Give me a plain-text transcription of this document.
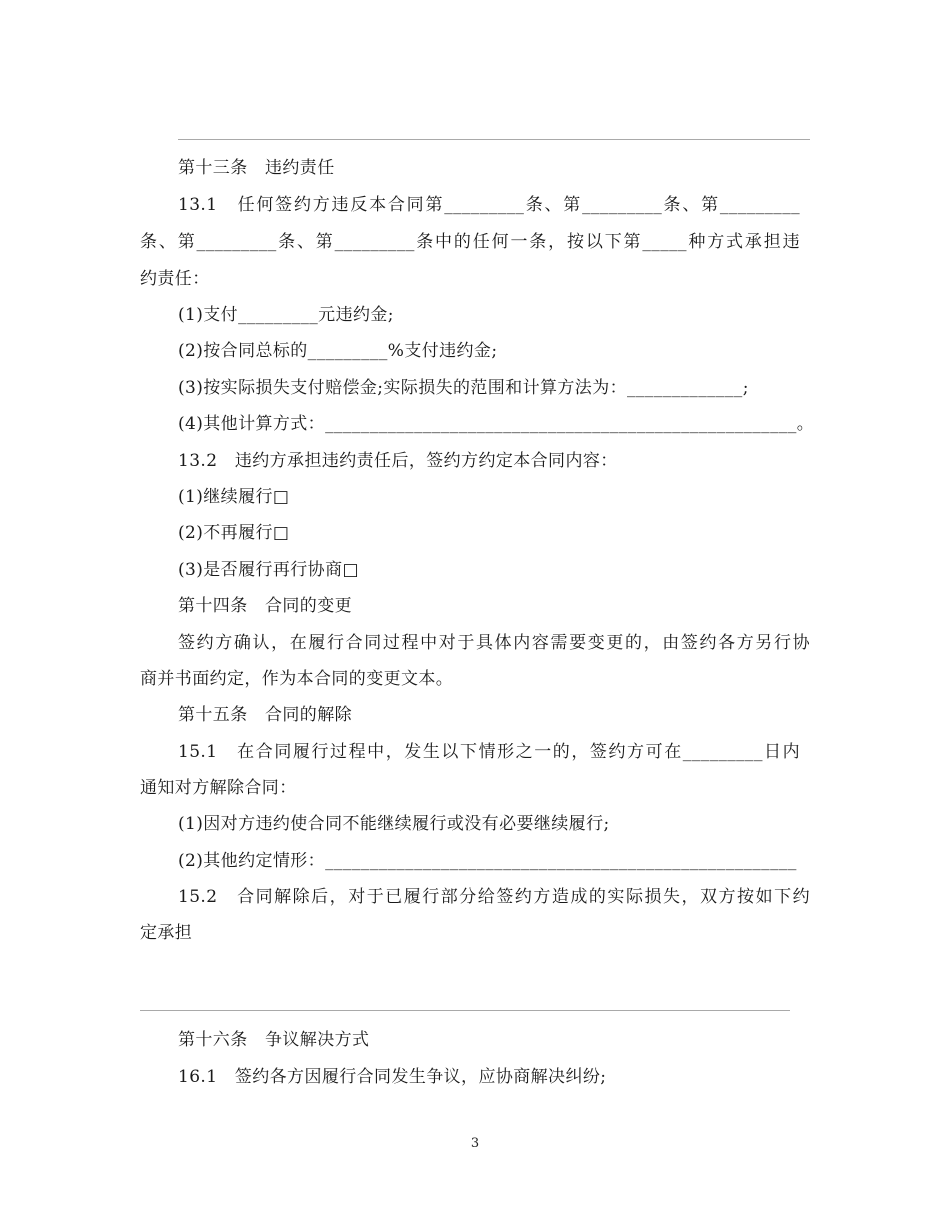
第十三条　违约责任
13.1　任何签约方违反本合同第_________条、第_________条、第_________
条、第_________条、第_________条中的任何一条，按以下第_____种方式承担违
约责任：
(1)支付_________元违约金;
(2)按合同总标的_________%支付违约金;
(3)按实际损失支付赔偿金;实际损失的范围和计算方法为：_____________;
(4)其他计算方式：_____________________________________________________。
13.2　违约方承担违约责任后，签约方约定本合同内容：
(1)继续履行□
(2)不再履行□
(3)是否履行再行协商□
第十四条　合同的变更
签约方确认，在履行合同过程中对于具体内容需要变更的，由签约各方另行协
商并书面约定，作为本合同的变更文本。
第十五条　合同的解除
15.1　在合同履行过程中，发生以下情形之一的，签约方可在_________日内
通知对方解除合同：
(1)因对方违约使合同不能继续履行或没有必要继续履行;
(2)其他约定情形：_____________________________________________________
15.2　合同解除后，对于已履行部分给签约方造成的实际损失，双方按如下约
定承担
第十六条　争议解决方式
16.1　签约各方因履行合同发生争议，应协商解决纠纷;
3
